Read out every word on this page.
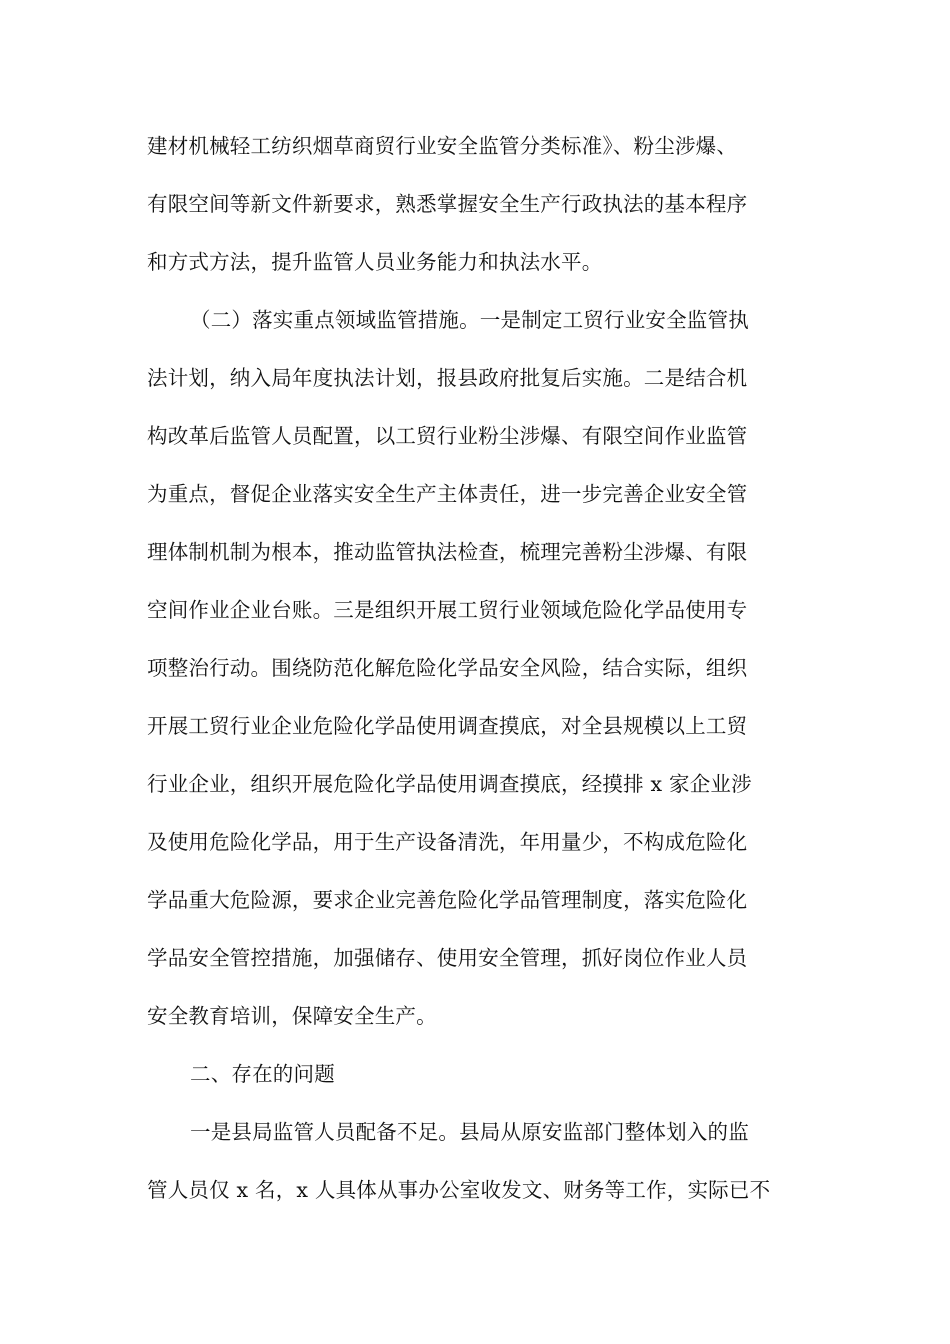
建材机械轻工纺织烟草商贸行业安全监管分类标准》、粉尘涉爆、
有限空间等新文件新要求，熟悉掌握安全生产行政执法的基本程序
和方式方法，提升监管人员业务能力和执法水平。
（二）落实重点领域监管措施。一是制定工贸行业安全监管执
法计划，纳入局年度执法计划，报县政府批复后实施。二是结合机
构改革后监管人员配置，以工贸行业粉尘涉爆、有限空间作业监管
为重点，督促企业落实安全生产主体责任，进一步完善企业安全管
理体制机制为根本，推动监管执法检查，梳理完善粉尘涉爆、有限
空间作业企业台账。三是组织开展工贸行业领域危险化学品使用专
项整治行动。围绕防范化解危险化学品安全风险，结合实际，组织
开展工贸行业企业危险化学品使用调查摸底，对全县规模以上工贸
行业企业，组织开展危险化学品使用调查摸底，经摸排 x 家企业涉
及使用危险化学品，用于生产设备清洗，年用量少，不构成危险化
学品重大危险源，要求企业完善危险化学品管理制度，落实危险化
学品安全管控措施，加强储存、使用安全管理，抓好岗位作业人员
安全教育培训，保障安全生产。
二、存在的问题
一是县局监管人员配备不足。县局从原安监部门整体划入的监
管人员仅 x 名，x 人具体从事办公室收发文、财务等工作，实际已不
